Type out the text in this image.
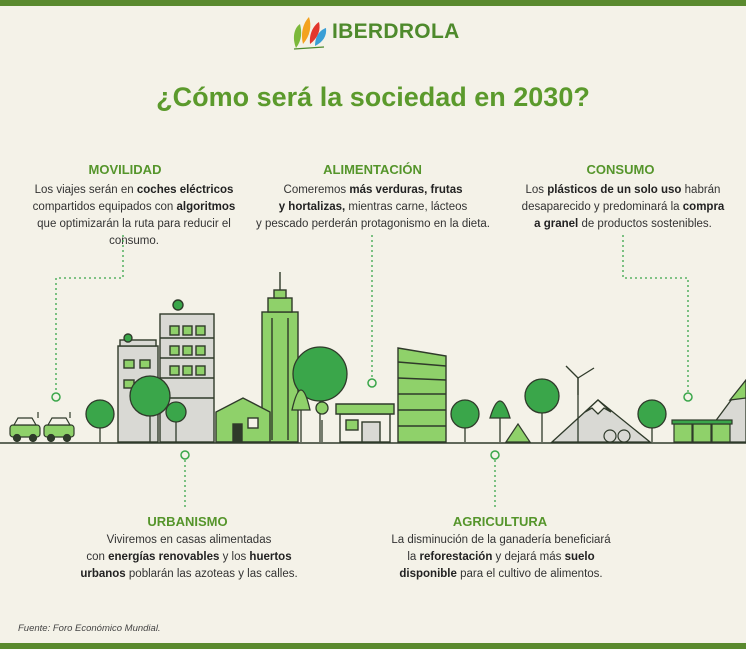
IBERDROLA
¿Cómo será la sociedad en 2030?
MOVILIDAD	ALIMENTACIÓN	CONSUMO
URBANISMO	AGRICULTURA
Los viajes serán en coches eléctricos
compartidos equipados con algoritmos
que optimizarán la ruta para reducir el consumo.
Comeremos más verduras, frutas
y hortalizas, mientras carne, lácteos
y pescado perderán protagonismo en la dieta.
Los plásticos de un solo uso habrán
desaparecido y predominará la compra
a granel de productos sostenibles.
Viviremos en casas alimentadas
con energías renovables y los huertos
urbanos poblarán las azoteas y las calles.
La disminución de la ganadería beneficiará
la reforestación y dejará más suelo
disponible para el cultivo de alimentos.
Fuente: Foro Económico Mundial.
